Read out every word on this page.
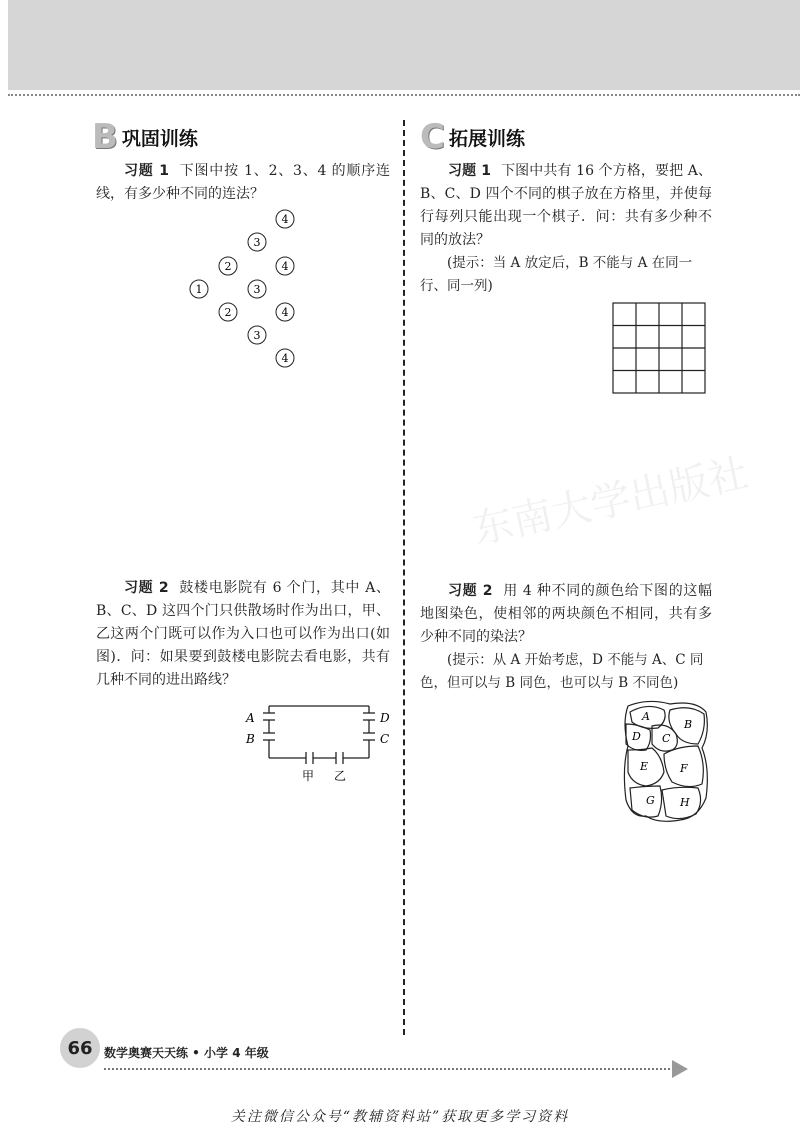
东南大学出版社
B 巩固训练
习题 1 下图中按 1、2、3、4 的顺序连线，有多少种不同的连法？
4
3
2	4
1	3
2	4
3
4
习题 2 鼓楼电影院有 6 个门，其中 A、B、C、D 这四个门只供散场时作为出口，甲、乙这两个门既可以作为入口也可以作为出口(如图)．问：如果要到鼓楼电影院去看电影，共有几种不同的进出路线？
A
B
D
C
甲 乙
C 拓展训练
习题 1 下图中共有 16 个方格，要把 A、B、C、D 四个不同的棋子放在方格里，并使每行每列只能出现一个棋子．问：共有多少种不同的放法？
(提示：当 A 放定后，B 不能与 A 在同一行、同一列)
习题 2 用 4 种不同的颜色给下图的这幅地图染色，使相邻的两块颜色不相同，共有多少种不同的染法？
(提示：从 A 开始考虑，D 不能与 A、C 同色，但可以与 B 同色，也可以与 B 不同色)
A
B
C
D
E	F
G H
66 数学奥赛天天练 • 小学 4 年级
关注微信公众号“教辅资料站”获取更多学习资料
